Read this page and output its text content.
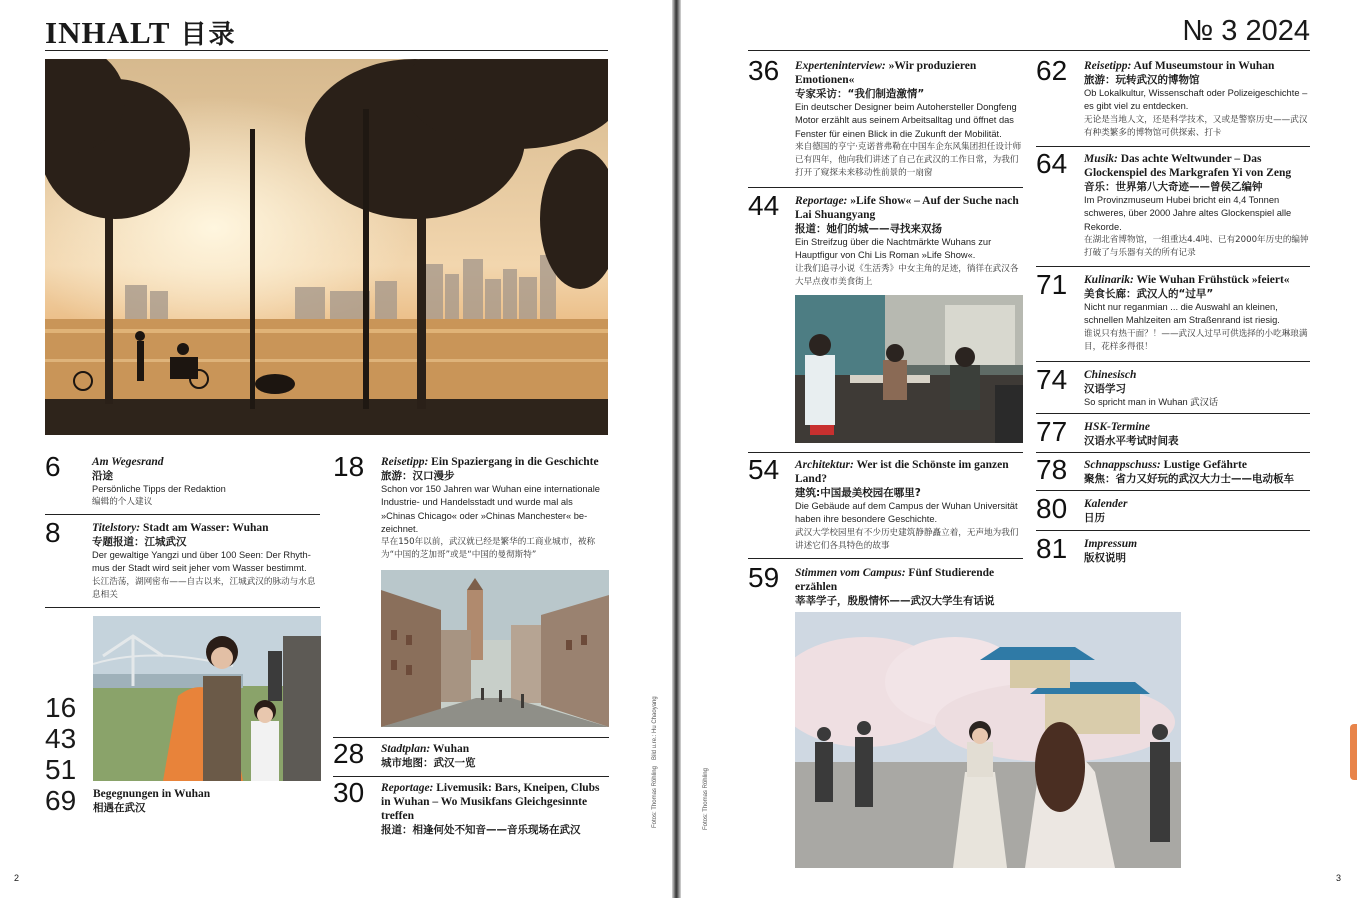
INHALT 目录
6	Am Wegesrand
沿途
Persönliche Tipps der Redaktion
编辑的个人建议
8	Titelstory: Stadt am Wasser: Wuhan
专题报道：江城武汉
Der gewaltige Yangzi und über 100 Seen: Der Rhythmus der Stadt wird seit jeher vom Wasser bestimmt.
长江浩荡，湖网密布——自古以来，江城武汉的脉动与水息息相关
16
43
51
69 Begegnungen in Wuhan
相遇在武汉
18 Reisetipp: Ein Spaziergang in die Geschichte
旅游：汉口漫步
Schon vor 150 Jahren war Wuhan eine internationale Industrie- und Handelsstadt und wurde mal als »Chinas Chicago« oder »Chinas Manchester« bezeichnet.
早在150年以前，武汉就已经是繁华的工商业城市，被称为“中国的芝加哥”或是“中国的曼彻斯特”
28 Stadtplan: Wuhan
城市地图：武汉一览
30 Reportage: Livemusik: Bars, Kneipen, Clubs in Wuhan – Wo Musikfans Gleichgesinnte treffen
报道：相逢何处不知音——音乐现场在武汉
Fotos: Thomas Röhling
Bild u.re.: Hu Chaoyang
2
№ 3 2024
Fotos: Thomas Röhling
36 Experteninterview: »Wir produzieren Emotionen«
专家采访：“我们制造激情”
Ein deutscher Designer beim Autohersteller Dongfeng Motor erzählt aus seinem Arbeitsalltag und öffnet das Fenster für einen Blick in die Zukunft der Mobilität.
来自德国的亨宁·克诺普弗勒在中国车企东风集团担任设计师已有四年，他向我们讲述了自己在武汉的工作日常，为我们打开了窥探未来移动性前景的一扇窗
44 Reportage: »Life Show« – Auf der Suche nach Lai Shuangyang
报道：她们的城——寻找来双扬
Ein Streifzug über die Nachtmärkte Wuhans zur Hauptfigur von Chi Lis Roman »Life Show«.
让我们追寻小说《生活秀》中女主角的足迹，徜徉在武汉各大早点夜市美食街上
54 Architektur: Wer ist die Schönste im ganzen Land?
建筑:中国最美校园在哪里?
Die Gebäude auf dem Campus der Wuhan Universität haben ihre besondere Geschichte.
武汉大学校园里有不少历史建筑静静矗立着，无声地为我们讲述它们各具特色的故事
59 Stimmen vom Campus: Fünf Studierende erzählen
莘莘学子，殷殷情怀——武汉大学生有话说
62 Reisetipp: Auf Museumstour in Wuhan
旅游：玩转武汉的博物馆
Ob Lokalkultur, Wissenschaft oder Polizeigeschichte – es gibt viel zu entdecken.
无论是当地人文，还是科学技术，又或是警察历史——武汉有种类繁多的博物馆可供探索、打卡
64 Musik: Das achte Weltwunder – Das Glockenspiel des Markgrafen Yi von Zeng
音乐：世界第八大奇迹——曾侯乙编钟
Im Provinzmuseum Hubei bricht ein 4,4 Tonnen schweres, über 2000 Jahre altes Glockenspiel alle Rekorde.
在湖北省博物馆，一组重达4.4吨、已有2000年历史的编钟打破了与乐器有关的所有记录
71 Kulinarik: Wie Wuhan Frühstück »feiert«
美食长廊：武汉人的“过早”
Nicht nur reganmian ... die Auswahl an kleinen, schnellen Mahlzeiten am Straßenrand ist riesig.
谁说只有热干面？！——武汉人过早可供选择的小吃琳琅满目，花样多得很！
74 Chinesisch
汉语学习
So spricht man in Wuhan 武汉话
77 HSK-Termine
汉语水平考试时间表
78 Schnappschuss: Lustige Gefährte
聚焦：省力又好玩的武汉大力士——电动板车
80 Kalender
日历
81 Impressum
版权说明
3
